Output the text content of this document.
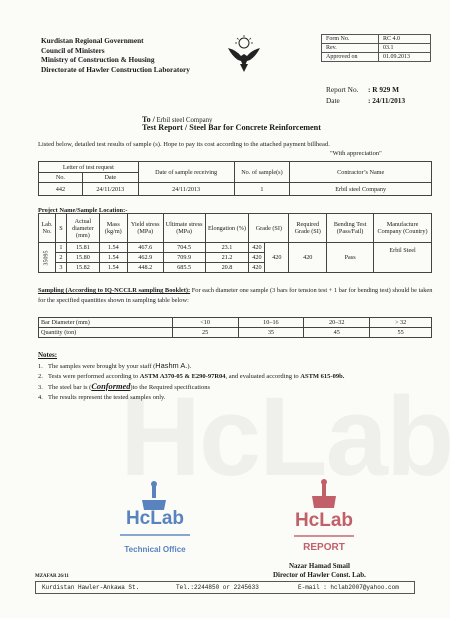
Kurdistan Regional Government
Council of Ministers
Ministry of Construction & Housing
Directorate of Hawler Construction Laboratory
Form No.	RC 4.0
Rev.	03.1
Approved on	01.09.2013
Report No. : R 929 M
Date	: 24/11/2013
To / Erbil steel Company
Test Report / Steel Bar for Concrete Reinforcement
Listed below, detailed test results of sample (s). Hope to pay its cost according to the attached payment billhead.
"With appreciation"
Letter of test request		Date of sample receiving	No. of sample(s)	Contractor’s Name
No.	Date			
442	24/11/2013	24/11/2013	1	Erbil steel Company
Project Name/Sample Location:-
Lab. No.	S	Actual diameter (mm)	Mass (kg/m)	Yield stress (MPa)	Ultimate stress (MPa)	Elongation (%)	Grade (SI)		Required Grade (SI)	Bending Test (Pass/Fail)	Manufacture Company (Country)
35095	1	15.81	1.54	467.6	704.5	23.1	420	420	420	Pass	Erbil Steel
	2	15.80	1.54	462.9	709.9	21.2	420				
	3	15.82	1.54	448.2	685.5	20.8	420				
Sampling (According to IQ-NCCLR sampling Booklet): For each diameter one sample (3 bars for tension test + 1 bar for bending test) should be taken for the specified quantities shown in sampling table below:
Bar Diameter (mm)	<10	10–16	20–32	> 32
Quantity (ton)	25	35	45	55
Notes:
1. The samples were brought by your staff (Hashm A.).
2. Tests were performed according to ASTM A370-05 & E290-97R04, and evaluated according to ASTM 615-09b.
3. The steel bar is (Conformed)to the Required specifications
4. The results represent the tested samples only.
HcLab
Technical Office
HcLab
REPORT
Nazar Hamad Smail
Director of Hawler Const. Lab.
MZAFAR 26/11
Kurdistan Hawler-Ankawa St.	Tel.:2244850 or 2245633	E-mail : hclab2007@yahoo.com
